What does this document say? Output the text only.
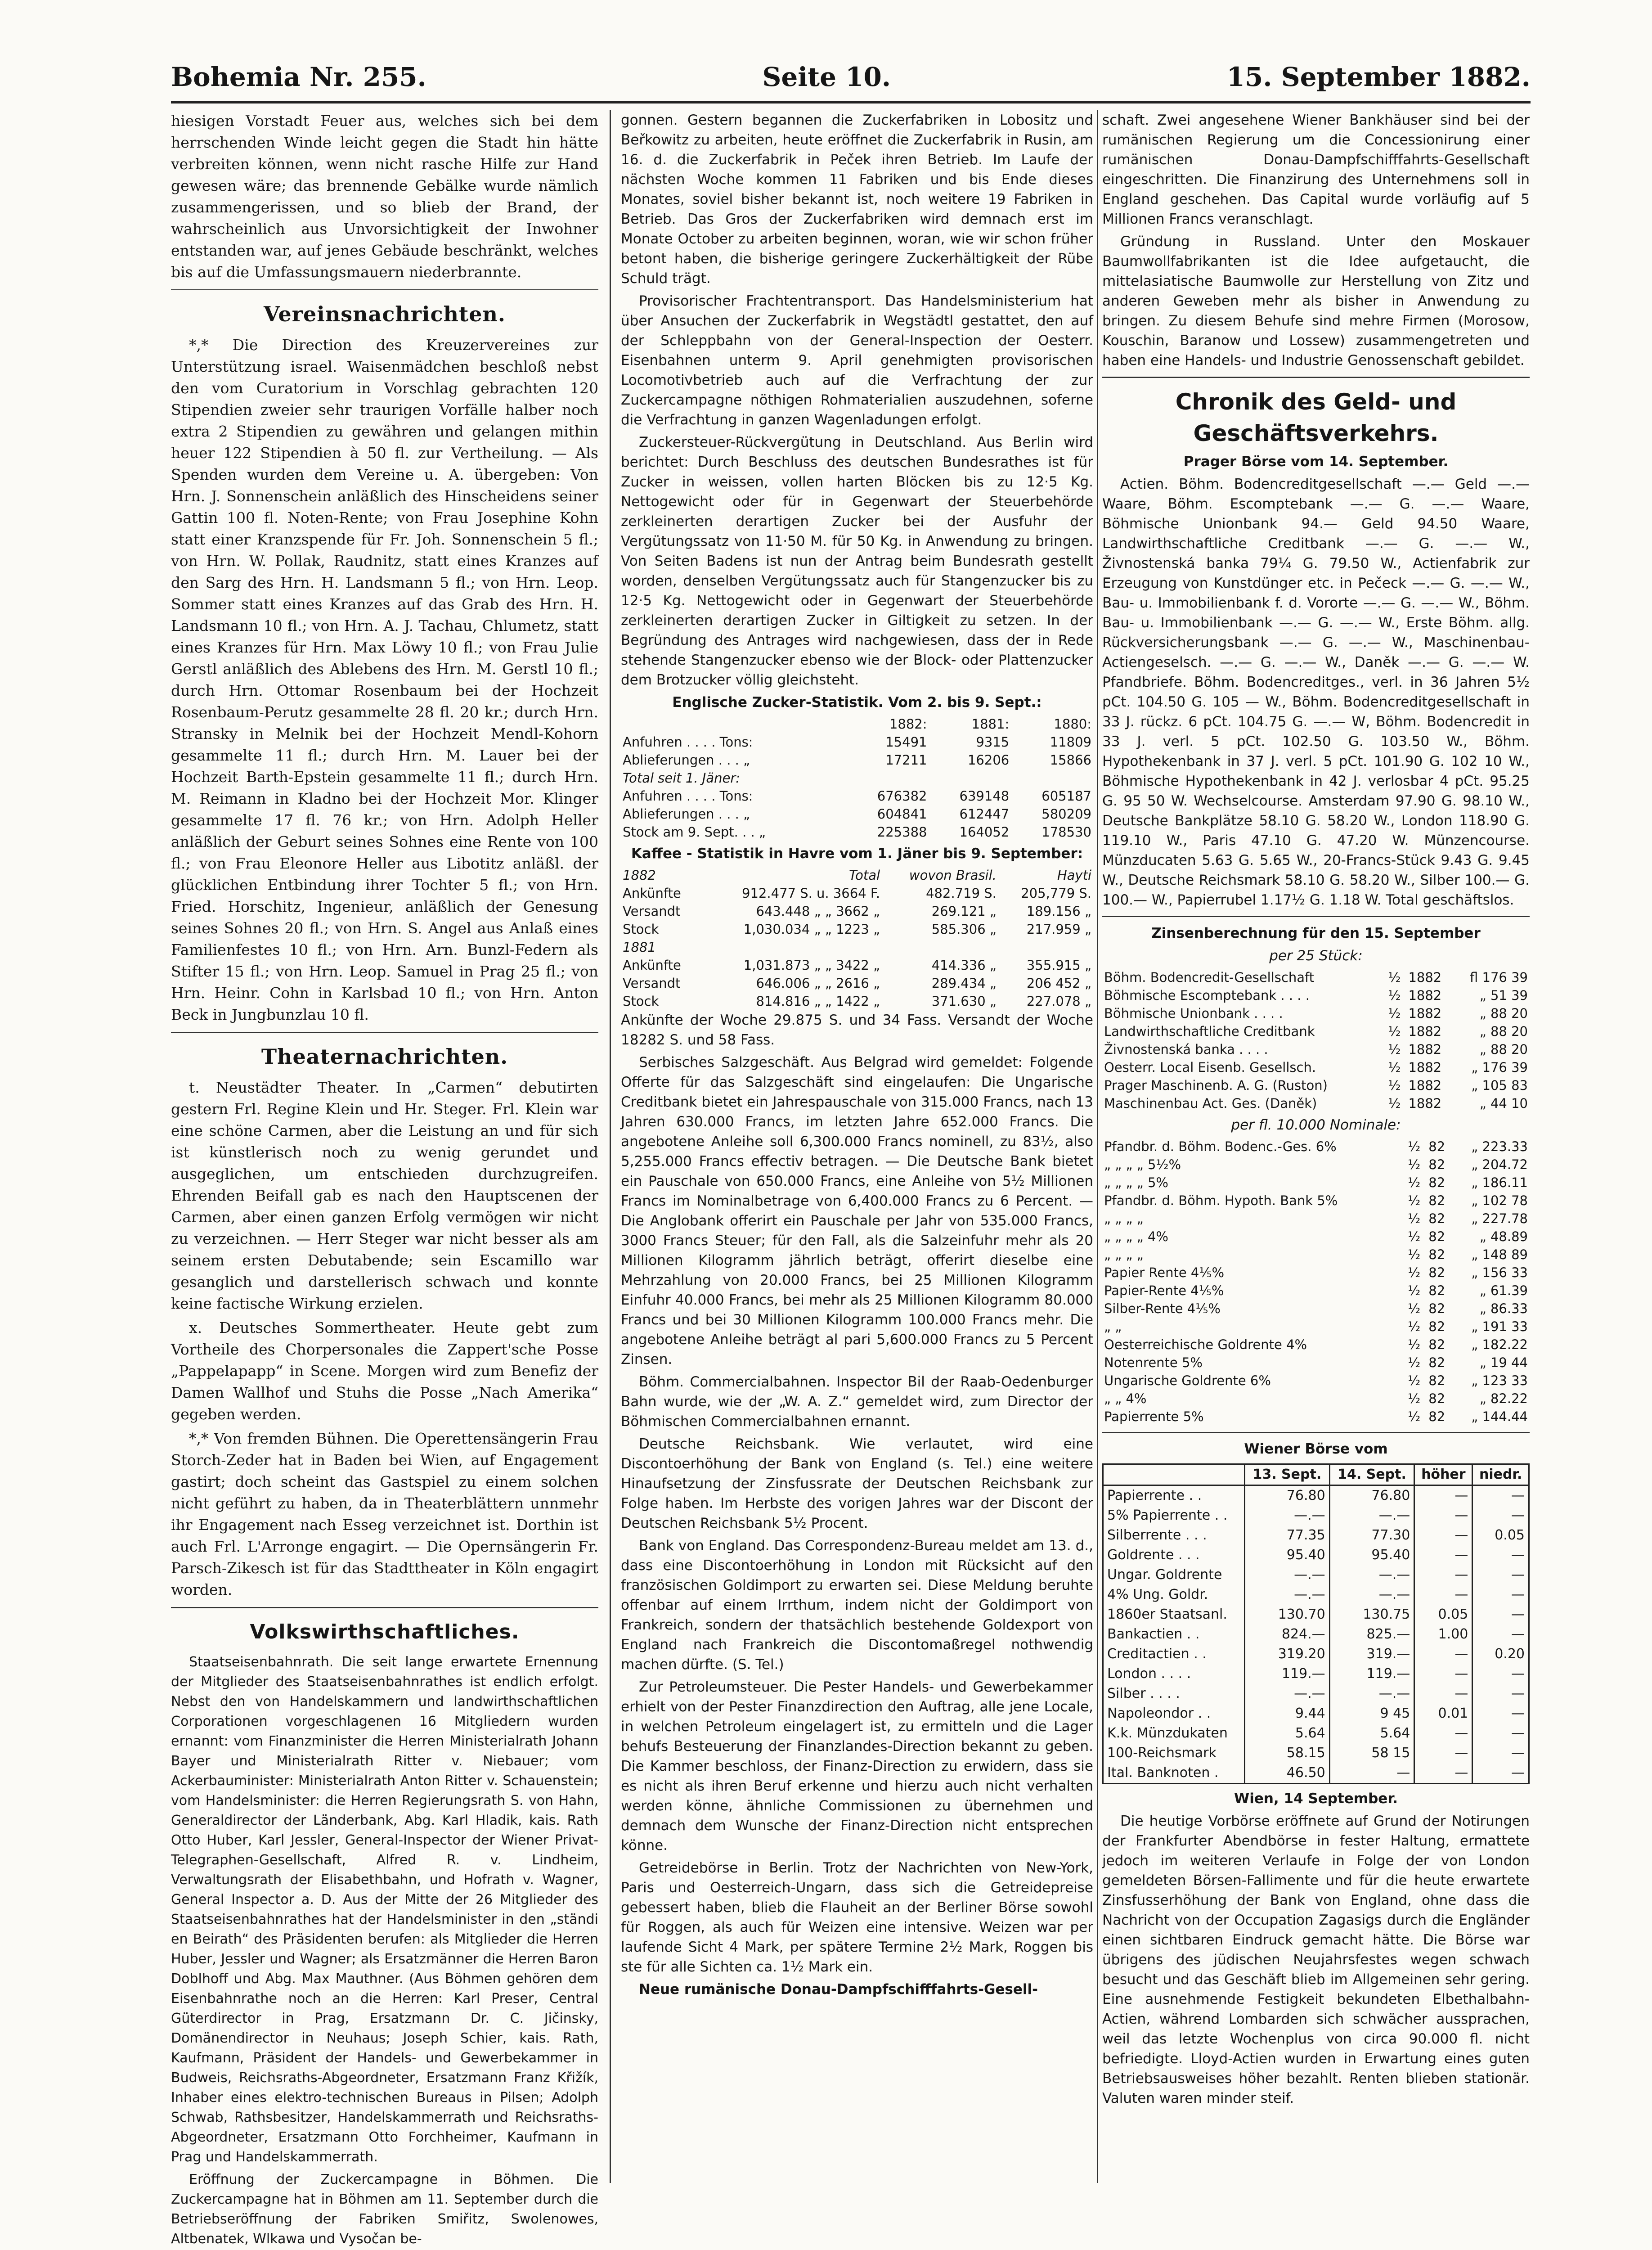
Bohemia Nr. 255.	Seite 10.	15. September 1882.

hiesigen Vorstadt Feuer aus, welches sich bei dem herrschenden Winde leicht gegen die Stadt hin hätte verbreiten können, wenn nicht rasche Hilfe zur Hand gewesen wäre; das brennende Gebälke wurde nämlich zusammengerissen, und so blieb der Brand, der wahrscheinlich aus Unvorsichtigkeit der Inwohner entstanden war, auf jenes Gebäude beschränkt, welches bis auf die Umfassungsmauern niederbrannte.

Vereinsnachrichten.

*,* Die Direction des Kreuzervereines zur Unterstützung israel. Waisenmädchen beschloß nebst den vom Curatorium in Vorschlag gebrachten 120 Stipendien zweier sehr traurigen Vorfälle halber noch extra 2 Stipendien zu gewähren und gelangen mithin heuer 122 Stipendien à 50 fl. zur Vertheilung. — Als Spenden wurden dem Vereine u. A. übergeben: Von Hrn. J. Sonnenschein anläßlich des Hinscheidens seiner Gattin 100 fl. Noten-Rente; von Frau Josephine Kohn statt einer Kranzspende für Fr. Joh. Sonnenschein 5 fl.; von Hrn. W. Pollak, Raudnitz, statt eines Kranzes auf den Sarg des Hrn. H. Landsmann 5 fl.; von Hrn. Leop. Sommer statt eines Kranzes auf das Grab des Hrn. H. Landsmann 10 fl.; von Hrn. A. J. Tachau, Chlumetz, statt eines Kranzes für Hrn. Max Löwy 10 fl.; von Frau Julie Gerstl anläßlich des Ablebens des Hrn. M. Gerstl 10 fl.; durch Hrn. Ottomar Rosenbaum bei der Hochzeit Rosenbaum-Perutz gesammelte 28 fl. 20 kr.; durch Hrn. Stransky in Melnik bei der Hochzeit Mendl-Kohorn gesammelte 11 fl.; durch Hrn. M. Lauer bei der Hochzeit Barth-Epstein gesammelte 11 fl.; durch Hrn. M. Reimann in Kladno bei der Hochzeit Mor. Klinger gesammelte 17 fl. 76 kr.; von Hrn. Adolph Heller anläßlich der Geburt seines Sohnes eine Rente von 100 fl.; von Frau Eleonore Heller aus Libotitz anläßl. der glücklichen Entbindung ihrer Tochter 5 fl.; von Hrn. Fried. Horschitz, Ingenieur, anläßlich der Genesung seines Sohnes 20 fl.; von Hrn. S. Angel aus Anlaß eines Familienfestes 10 fl.; von Hrn. Arn. Bunzl-Federn als Stifter 15 fl.; von Hrn. Leop. Samuel in Prag 25 fl.; von Hrn. Heinr. Cohn in Karlsbad 10 fl.; von Hrn. Anton Beck in Jungbunzlau 10 fl.

Theaternachrichten.

t. Neustädter Theater. In „Carmen“ debutirten gestern Frl. Regine Klein und Hr. Steger. Frl. Klein war eine schöne Carmen, aber die Leistung an und für sich ist künstlerisch noch zu wenig gerundet und ausgeglichen, um entschieden durchzugreifen. Ehrenden Beifall gab es nach den Hauptscenen der Carmen, aber einen ganzen Erfolg vermögen wir nicht zu verzeichnen. — Herr Steger war nicht besser als am seinem ersten Debutabende; sein Escamillo war gesanglich und darstellerisch schwach und konnte keine factische Wirkung erzielen.

x. Deutsches Sommertheater. Heute gebt zum Vortheile des Chorpersonales die Zappert'sche Posse „Pappelapapp“ in Scene. Morgen wird zum Benefiz der Damen Wallhof und Stuhs die Posse „Nach Amerika“ gegeben werden.

*,* Von fremden Bühnen. Die Operettensängerin Frau Storch-Zeder hat in Baden bei Wien, auf Engagement gastirt; doch scheint das Gastspiel zu einem solchen nicht geführt zu haben, da in Theaterblättern unnmehr ihr Engagement nach Esseg verzeichnet ist. Dorthin ist auch Frl. L'Arronge engagirt. — Die Opernsängerin Fr. Parsch-Zikesch ist für das Stadttheater in Köln engagirt worden.

Volkswirthschaftliches.

Staatseisenbahnrath. Die seit lange erwartete Ernennung der Mitglieder des Staatseisenbahnrathes ist endlich erfolgt. Nebst den von Handelskammern und landwirthschaftlichen Corporationen vorgeschlagenen 16 Mitgliedern wurden ernannt: vom Finanzminister die Herren Ministerialrath Johann Bayer und Ministerialrath Ritter v. Niebauer; vom Ackerbauminister: Ministerialrath Anton Ritter v. Schauenstein; vom Handelsminister: die Herren Regierungsrath S. von Hahn, Generaldirector der Länderbank, Abg. Karl Hladik, kais. Rath Otto Huber, Karl Jessler, General-Inspector der Wiener Privat-Telegraphen-Gesellschaft, Alfred R. v. Lindheim, Verwaltungsrath der Elisabethbahn, und Hofrath v. Wagner, General Inspector a. D. Aus der Mitte der 26 Mitglieder des Staatseisenbahnrathes hat der Handelsminister in den „ständi en Beirath“ des Präsidenten berufen: als Mitglieder die Herren Huber, Jessler und Wagner; als Ersatzmänner die Herren Baron Doblhoff und Abg. Max Mauthner. (Aus Böhmen gehören dem Eisenbahnrathe noch an die Herren: Karl Preser, Central Güterdirector in Prag, Ersatzmann Dr. C. Jičinsky, Domänendirector in Neuhaus; Joseph Schier, kais. Rath, Kaufmann, Präsident der Handels- und Gewerbekammer in Budweis, Reichsraths-Abgeordneter, Ersatzmann Franz Křižík, Inhaber eines elektro-technischen Bureaus in Pilsen; Adolph Schwab, Rathsbesitzer, Handelskammerrath und Reichsraths-Abgeordneter, Ersatzmann Otto Forchheimer, Kaufmann in Prag und Handelskammerrath.

Eröffnung der Zuckercampagne in Böhmen. Die Zuckercampagne hat in Böhmen am 11. September durch die Betriebseröffnung der Fabriken Smiřitz, Swolenowes, Altbenatek, Wlkawa und Vysočan be-

gonnen. Gestern begannen die Zuckerfabriken in Lobositz und Beřkowitz zu arbeiten, heute eröffnet die Zuckerfabrik in Rusin, am 16. d. die Zuckerfabrik in Peček ihren Betrieb. Im Laufe der nächsten Woche kommen 11 Fabriken und bis Ende dieses Monates, soviel bisher bekannt ist, noch weitere 19 Fabriken in Betrieb. Das Gros der Zuckerfabriken wird demnach erst im Monate October zu arbeiten beginnen, woran, wie wir schon früher betont haben, die bisherige geringere Zuckerhältigkeit der Rübe Schuld trägt.

Provisorischer Frachtentransport. Das Handelsministerium hat über Ansuchen der Zuckerfabrik in Wegstädtl gestattet, den auf der Schleppbahn von der General-Inspection der Oesterr. Eisenbahnen unterm 9. April genehmigten provisorischen Locomotivbetrieb auch auf die Verfrachtung der zur Zuckercampagne nöthigen Rohmaterialien auszudehnen, soferne die Verfrachtung in ganzen Wagenladungen erfolgt.

Zuckersteuer-Rückvergütung in Deutschland. Aus Berlin wird berichtet: Durch Beschluss des deutschen Bundesrathes ist für Zucker in weissen, vollen harten Blöcken bis zu 12·5 Kg. Nettogewicht oder für in Gegenwart der Steuerbehörde zerkleinerten derartigen Zucker bei der Ausfuhr der Vergütungssatz von 11·50 M. für 50 Kg. in Anwendung zu bringen. Von Seiten Badens ist nun der Antrag beim Bundesrath gestellt worden, denselben Vergütungssatz auch für Stangenzucker bis zu 12·5 Kg. Nettogewicht oder in Gegenwart der Steuerbehörde zerkleinerten derartigen Zucker in Giltigkeit zu setzen. In der Begründung des Antrages wird nachgewiesen, dass der in Rede stehende Stangenzucker ebenso wie der Block- oder Plattenzucker dem Brotzucker völlig gleichsteht.

Englische Zucker-Statistik. Vom 2. bis 9. Sept.:
	1882:	1881:	1880:
Anfuhren . . . . Tons:	15491	9315	11809
Ablieferungen . . . „	17211	16206	15866
Total seit 1. Jäner:			
Anfuhren . . . . Tons:	676382	639148	605187
Ablieferungen . . . „	604841	612447	580209
Stock am 9. Sept. . . „	225388	164052	178530
Kaffee - Statistik in Havre vom 1. Jäner bis 9. September:
1882	Total	wovon Brasil.	Hayti
Ankünfte	912.477 S. u. 3664 F.	482.719 S.	205,779 S.
Versandt	643.448 „ „ 3662 „	269.121 „	189.156 „
Stock	1,030.034 „ „ 1223 „	585.306 „	217.959 „
1881			
Ankünfte	1,031.873 „ „ 3422 „	414.336 „	355.915 „
Versandt	646.006 „ „ 2616 „	289.434 „	206 452 „
Stock	814.816 „ „ 1422 „	371.630 „	227.078 „

Ankünfte der Woche 29.875 S. und 34 Fass. Versandt der Woche 18282 S. und 58 Fass.

Serbisches Salzgeschäft. Aus Belgrad wird gemeldet: Folgende Offerte für das Salzgeschäft sind eingelaufen: Die Ungarische Creditbank bietet ein Jahrespauschale von 315.000 Francs, nach 13 Jahren 630.000 Francs, im letzten Jahre 652.000 Francs. Die angebotene Anleihe soll 6,300.000 Francs nominell, zu 83½, also 5,255.000 Francs effectiv betragen. — Die Deutsche Bank bietet ein Pauschale von 650.000 Francs, eine Anleihe von 5½ Millionen Francs im Nominalbetrage von 6,400.000 Francs zu 6 Percent. — Die Anglobank offerirt ein Pauschale per Jahr von 535.000 Francs, 3000 Francs Steuer; für den Fall, als die Salzeinfuhr mehr als 20 Millionen Kilogramm jährlich beträgt, offerirt dieselbe eine Mehrzahlung von 20.000 Francs, bei 25 Millionen Kilogramm Einfuhr 40.000 Francs, bei mehr als 25 Millionen Kilogramm 80.000 Francs und bei 30 Millionen Kilogramm 100.000 Francs mehr. Die angebotene Anleihe beträgt al pari 5,600.000 Francs zu 5 Percent Zinsen.

Böhm. Commercialbahnen. Inspector Bil der Raab-Oedenburger Bahn wurde, wie der „W. A. Z.“ gemeldet wird, zum Director der Böhmischen Commercialbahnen ernannt.

Deutsche Reichsbank. Wie verlautet, wird eine Discontoerhöhung der Bank von England (s. Tel.) eine weitere Hinaufsetzung der Zinsfussrate der Deutschen Reichsbank zur Folge haben. Im Herbste des vorigen Jahres war der Discont der Deutschen Reichsbank 5½ Procent.

Bank von England. Das Correspondenz-Bureau meldet am 13. d., dass eine Discontoerhöhung in London mit Rücksicht auf den französischen Goldimport zu erwarten sei. Diese Meldung beruhte offenbar auf einem Irrthum, indem nicht der Goldimport von Frankreich, sondern der thatsächlich bestehende Goldexport von England nach Frankreich die Discontomaßregel nothwendig machen dürfte. (S. Tel.)

Zur Petroleumsteuer. Die Pester Handels- und Gewerbekammer erhielt von der Pester Finanzdirection den Auftrag, alle jene Locale, in welchen Petroleum eingelagert ist, zu ermitteln und die Lager behufs Besteuerung der Finanzlandes-Direction bekannt zu geben. Die Kammer beschloss, der Finanz-Direction zu erwidern, dass sie es nicht als ihren Beruf erkenne und hierzu auch nicht verhalten werden könne, ähnliche Commissionen zu übernehmen und demnach dem Wunsche der Finanz-Direction nicht entsprechen könne.

Getreidebörse in Berlin. Trotz der Nachrichten von New-York, Paris und Oesterreich-Ungarn, dass sich die Getreidepreise gebessert haben, blieb die Flauheit an der Berliner Börse sowohl für Roggen, als auch für Weizen eine intensive. Weizen war per laufende Sicht 4 Mark, per spätere Termine 2½ Mark, Roggen bis ste für alle Sichten ca. 1½ Mark ein.

Neue rumänische Donau-Dampfschifffahrts-Gesell-

schaft. Zwei angesehene Wiener Bankhäuser sind bei der rumänischen Regierung um die Concessionirung einer rumänischen Donau-Dampfschifffahrts-Gesellschaft eingeschritten. Die Finanzirung des Unternehmens soll in England geschehen. Das Capital wurde vorläufig auf 5 Millionen Francs veranschlagt.

Gründung in Russland. Unter den Moskauer Baumwollfabrikanten ist die Idee aufgetaucht, die mittelasiatische Baumwolle zur Herstellung von Zitz und anderen Geweben mehr als bisher in Anwendung zu bringen. Zu diesem Behufe sind mehre Firmen (Morosow, Kouschin, Baranow und Lossew) zusammengetreten und haben eine Handels- und Industrie Genossenschaft gebildet.

Chronik des Geld- und Geschäftsverkehrs.
Prager Börse vom 14. September.

Actien. Böhm. Bodencreditgesellschaft —.— Geld —.— Waare, Böhm. Escomptebank —.— G. —.— Waare, Böhmische Unionbank 94.— Geld 94.50 Waare, Landwirthschaftliche Creditbank —.— G. —.— W., Živnostenská banka 79¼ G. 79.50 W., Actienfabrik zur Erzeugung von Kunstdünger etc. in Pečeck —.— G. —.— W., Bau- u. Immobilienbank f. d. Vororte —.— G. —.— W., Böhm. Bau- u. Immobilienbank —.— G. —.— W., Erste Böhm. allg. Rückversicherungsbank —.— G. —.— W., Maschinenbau-Actiengeselsch. —.— G. —.— W., Daněk —.— G. —.— W. Pfandbriefe. Böhm. Bodencreditges., verl. in 36 Jahren 5½ pCt. 104.50 G. 105 — W., Böhm. Bodencreditgesellschaft in 33 J. rückz. 6 pCt. 104.75 G. —.— W, Böhm. Bodencredit in 33 J. verl. 5 pCt. 102.50 G. 103.50 W., Böhm. Hypothekenbank in 37 J. verl. 5 pCt. 101.90 G. 102 10 W., Böhmische Hypothekenbank in 42 J. verlosbar 4 pCt. 95.25 G. 95 50 W. Wechselcourse. Amsterdam 97.90 G. 98.10 W., Deutsche Bankplätze 58.10 G. 58.20 W., London 118.90 G. 119.10 W., Paris 47.10 G. 47.20 W. Münzencourse. Münzducaten 5.63 G. 5.65 W., 20-Francs-Stück 9.43 G. 9.45 W., Deutsche Reichsmark 58.10 G. 58.20 W., Silber 100.— G. 100.— W., Papierrubel 1.17½ G. 1.18 W. Total geschäftslos.

Zinsenberechnung für den 15. September
per 25 Stück:
Böhm. Bodencredit-Gesellschaft	½	1882	fl 176 39
Böhmische Escomptebank . . . .	½	1882	„ 51 39
Böhmische Unionbank . . . .	½	1882	„ 88 20
Landwirthschaftliche Creditbank	½	1882	„ 88 20
Živnostenská banka . . . .	½	1882	„ 88 20
Oesterr. Local Eisenb. Gesellsch.	½	1882	„ 176 39
Prager Maschinenb. A. G. (Ruston)	½	1882	„ 105 83
Maschinenbau Act. Ges. (Daněk)	½	1882	„ 44 10
per fl. 10.000 Nominale:
Pfandbr. d. Böhm. Bodenc.-Ges. 6%	½	82	„ 223.33
„ „ „ „ 5½%	½	82	„ 204.72
„ „ „ „ 5%	½	82	„ 186.11
Pfandbr. d. Böhm. Hypoth. Bank 5%	½	82	„ 102 78
„ „ „ „	½	82	„ 227.78
„ „ „ „ 4%	½	82	„ 48.89
„ „ „ „	½	82	„ 148 89
Papier Rente 4⅕%	½	82	„ 156 33
Papier-Rente 4⅕%	½	82	„ 61.39
Silber-Rente 4⅕%	½	82	„ 86.33
„ „	½	82	„ 191 33
Oesterreichische Goldrente 4%	½	82	„ 182.22
Notenrente 5%	½	82	„ 19 44
Ungarische Goldrente 6%	½	82	„ 123 33
„ „ 4%	½	82	„ 82.22
Papierrente 5%	½	82	„ 144.44
Wiener Börse vom
	13. Sept.	14. Sept.	höher	niedr.
Papierrente . .	76.80	76.80	—	—
5% Papierrente . .	—.—	—.—	—	—
Silberrente . . .	77.35	77.30	—	0.05
Goldrente . . .	95.40	95.40	—	—
Ungar. Goldrente	—.—	—.—	—	—
4% Ung. Goldr.	—.—	—.—	—	—
1860er Staatsanl.	130.70	130.75	0.05	—
Bankactien . .	824.—	825.—	1.00	—
Creditactien . .	319.20	319.—	—	0.20
London . . . .	119.—	119.—	—	—
Silber . . . .	—.—	—.—	—	—
Napoleondor . .	9.44	9 45	0.01	—
K.k. Münzdukaten	5.64	5.64	—	—
100-Reichsmark	58.15	58 15	—	—
Ital. Banknoten .	46.50	—	—	—
Wien, 14 September.

Die heutige Vorbörse eröffnete auf Grund der Notirungen der Frankfurter Abendbörse in fester Haltung, ermattete jedoch im weiteren Verlaufe in Folge der von London gemeldeten Börsen-Fallimente und für die heute erwartete Zinsfusserhöhung der Bank von England, ohne dass die Nachricht von der Occupation Zagasigs durch die Engländer einen sichtbaren Eindruck gemacht hätte. Die Börse war übrigens des jüdischen Neujahrsfestes wegen schwach besucht und das Geschäft blieb im Allgemeinen sehr gering. Eine ausnehmende Festigkeit bekundeten Elbethalbahn-Actien, während Lombarden sich schwächer aussprachen, weil das letzte Wochenplus von circa 90.000 fl. nicht befriedigte. Lloyd-Actien wurden in Erwartung eines guten Betriebsausweises höher bezahlt. Renten blieben stationär. Valuten waren minder steif.
